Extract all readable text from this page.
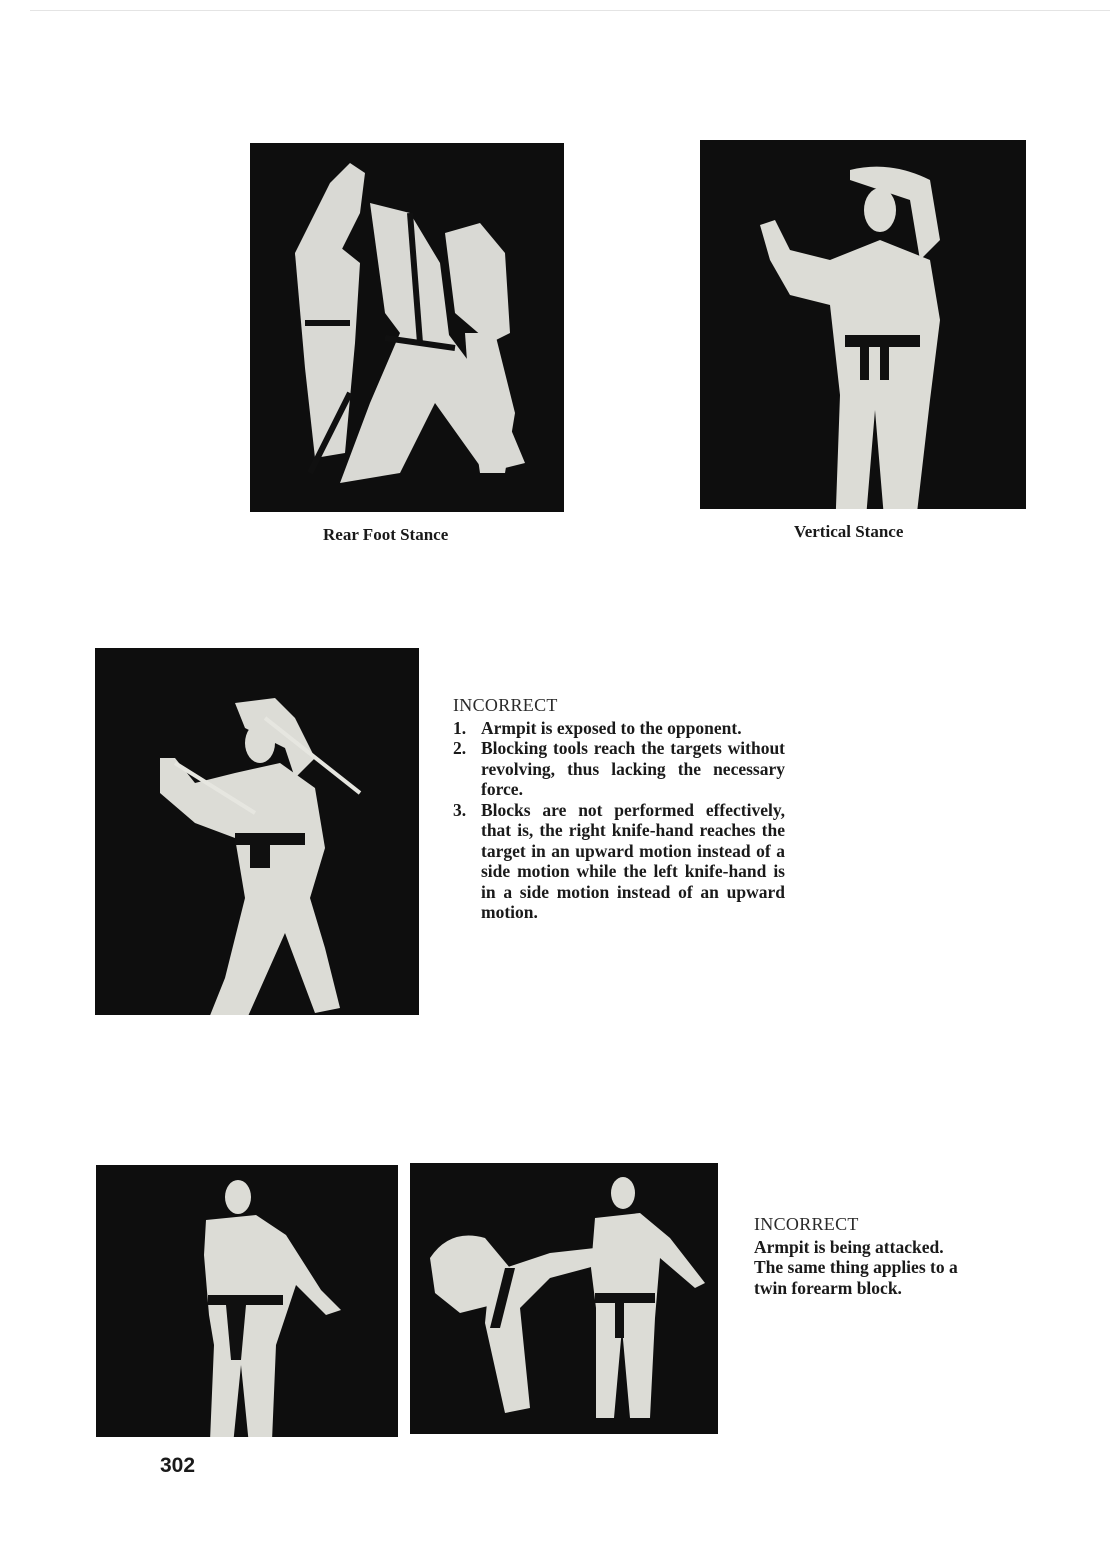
Rear Foot Stance	Vertical Stance
INCORRECT
1. Armpit is exposed to the opponent.
2. Blocking tools reach the targets without revolving, thus lacking the necessary force.
3. Blocks are not performed effectively, that is, the right knife-hand reaches the target in an upward motion instead of a side motion while the left knife-hand is in a side motion instead of an upward motion.
INCORRECT
Armpit is being attacked.
The same thing applies to a
twin forearm block.
302
